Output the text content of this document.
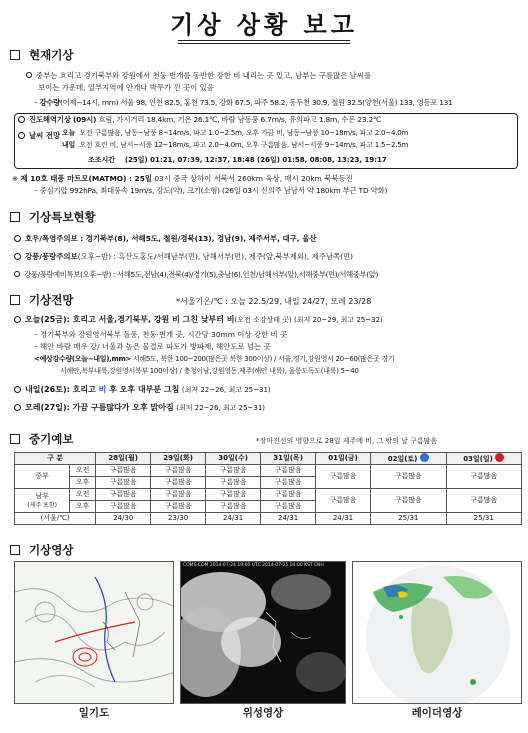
기상 상황 보고
현재기상
중부는 흐리고 경기북부와 강원에서 천둥·번개를 동반한 강한 비 내리는 곳 있고, 남부는 구름많은 날씨를
보이는 가운데, 일부지역에 안개나 박무가 낀 곳이 있음
– 강수량(어제~14시, mm) 서울 98, 인천 82.5, 홍천 73.5, 강화 67.5, 파주 58.2, 동두천 30.9, 철원 32.5(양천(서울) 133, 영등포 131
진도해역기상 (09시) 흐림, 가시거리 18.4km, 기온 26.1℃, 바람 남동풍 6.7m/s, 유의파고 1.8m, 수온 23.2℃
날씨 전망 오늘 오전 구름많음, 남동~남풍 8~14m/s, 파고 1.0~2.5m, 오후 가끔 비, 남동~남풍 10~18m/s, 파고 2.0~4.0m
내일 오전 흐린 비, 남서~서풍 12~18m/s, 파고 2.0~4.0m, 오후 구름많음, 남서~서풍 9~14m/s, 파고 1.5~2.5m
조조시간 (25일) 01:21, 07:39, 12:37, 18:48 (26일) 01:58, 08:08, 13:23, 19:17
※ 제 10호 태풍 마트모(MATMO) : 25일 03시 중국 상하이 서북서 260km 육상, 매시 20km 북북동진
– 중심기압 992hPa, 최대풍속 19m/s, 강도(약), 크기(소형) (26일 03시 신의주 남남서 약 180km 부근 TD 약화)
기상특보현황
호우/폭염주의보 : 경기북부(8), 서해5도, 철원/경북(13), 경남(9), 제주서부, 대구, 울산
강풍/풍랑주의보(오후~밤) : 흑산도홍도/서해남부(먼), 남해서부(먼), 제주(앞,북부제외), 제주남쪽(먼)
강풍/풍랑예비특보(오후~밤) : 서해5도,전남(4),전북(4)/경기(5),충남(6),인천/남해서부(앞),서해중부(먼)/서해중부(앞)
기상전망	*서울기온/℃ : 오늘 22.5/29, 내일 24/27, 모레 23/28
오늘(25금): 흐리고 서울,경기북부, 강원 비 그친 낮부터 비(오전 소강상태 곳) (최저 20~29, 최고 25~32)
– 경기북부와 강원영서북부 돌풍, 천둥·번개 곳, 시간당 30mm 이상 강한 비 곳
– 해안 바람 매우 강/ 너울과 높은 물결로 파도가 방파제, 해안도로 넘는 곳
<예상강수량(오늘~내일),mm> 서해5도, 북한 100~200(많은곳 북한 300이상) / 서울,경기,강원영서 20~60(많은곳 경기
서해안,북부내륙,강원영서북부 100이상) / 충청이남,강원영동,제주(해안 내륙), 울릉도독도(내륙) 5~40
내일(26토): 흐리고 비 후 오후 대부분 그침 (최저 22~26, 최고 25~31)
모레(27일): 가끔 구름많다가 오후 맑아짐 (최저 22~26, 최고 25~31)
중기예보	*장마전선의 영향으로 28일 제주에 비, 그 밖의 날 구름많음
구 분		28일(월)	29일(화)	30일(수)	31일(목)	01일(금)	02일(토)	03일(일)
중부	오전	구름많음	구름많음	구름많음	구름많음	구름많음	구름많음	구름많음
	오후	구름많음	구름많음	구름많음	구름많음			
남부
(제주 포함)	오전	구름많음	구름많음	구름많음	구름많음	구름많음	구름많음	구름많음
	오후	구름많음	구름많음	구름많음	구름많음			
(서울/℃)		24/30	23/30	24/31	24/31	24/31	25/31	25/31
기상영상
COMS COM 2014-07-24 19:00 UTC 2014-07-25 04:00 KST ENH
일기도	위성영상	레이더영상
